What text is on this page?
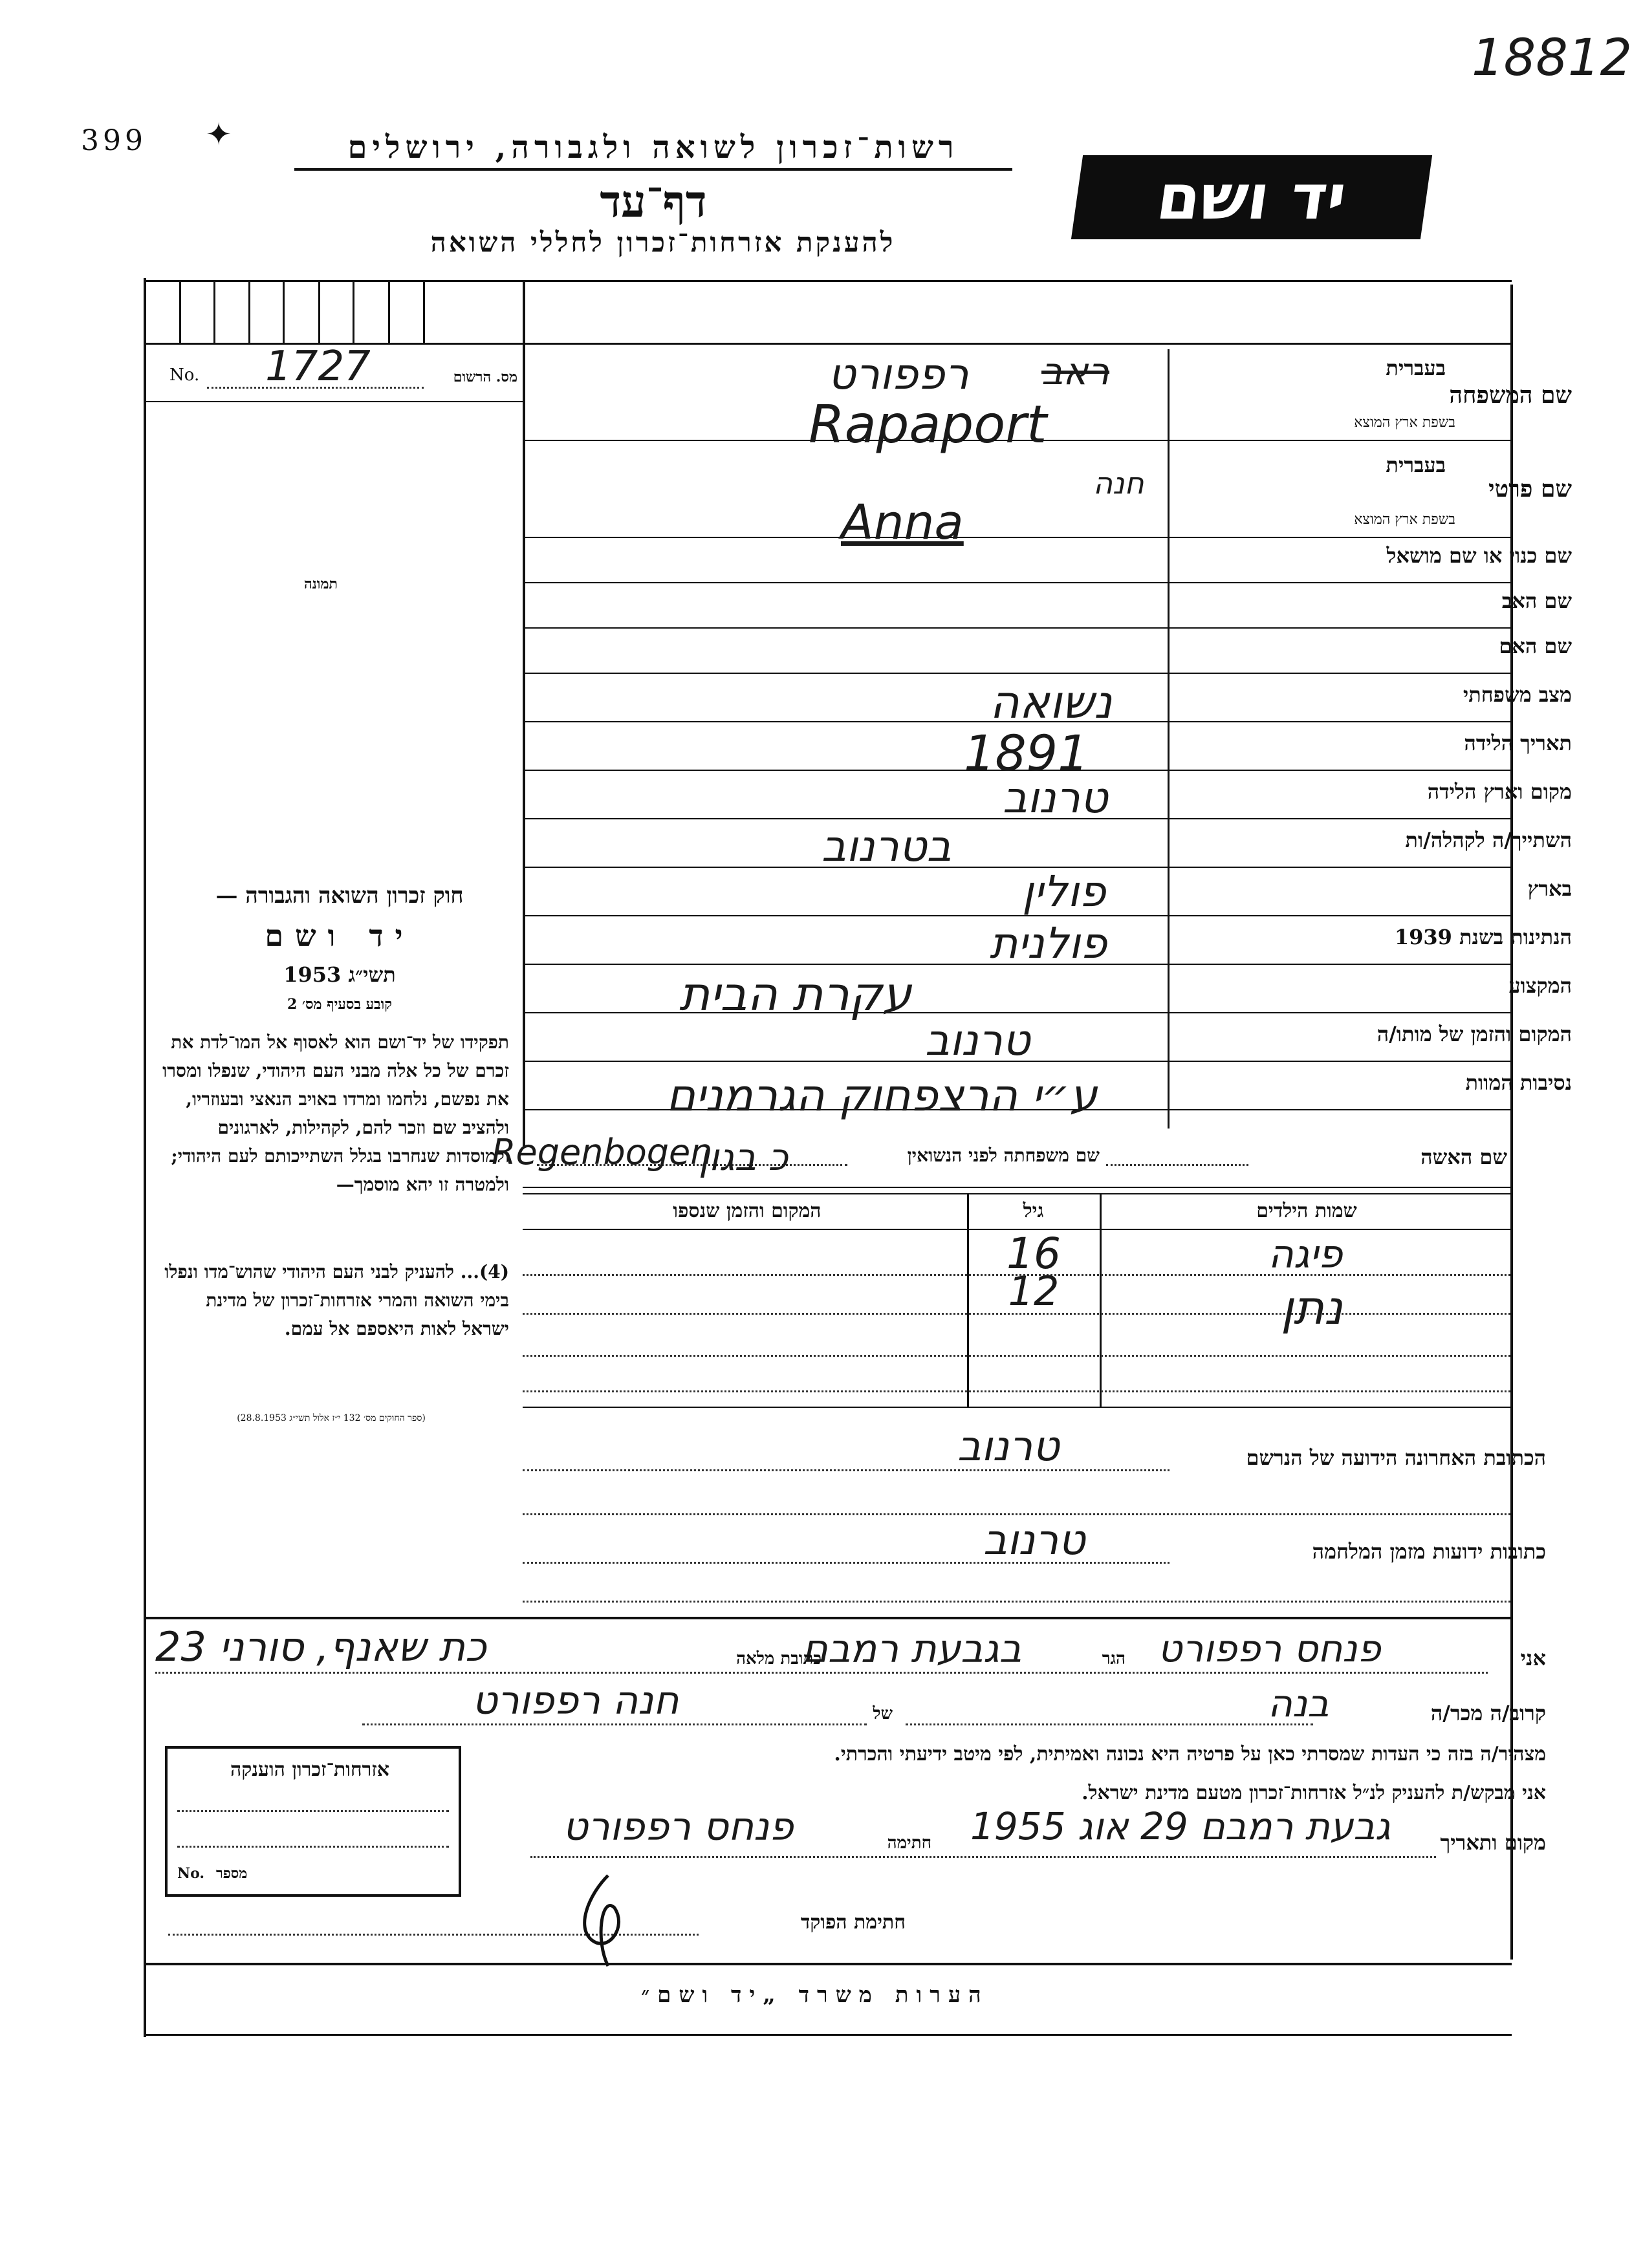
18812
399 ✦	רשות־זכרון לשואה ולגבורה, ירושלים
דף־עד
להענקת אזרחות־זכרון לחללי השואה
יד ושם
No. 1727	מס. הרשום
תמונה
בעברית
שם המשפחה
בשפת ארץ המוצא
בעברית
שם פרטי
בשפת ארץ המוצא
שם כנוי או שם מושאל
שם האב
שם האם
מצב משפחתי
תאריך הלידה
מקום וארץ הלידה
השתייך/ה לקהלה/ות
בארץ
הנתינות בשנת 1939
המקצוע
המקום והזמן של מותו/ה
נסיבות המוות
רפפורט ראב
Rapaport
חנה
Anna
נשואה
1891
טרנוב
בטרנוב
פולין
פולנית
עקרת הבית
טרנוב
ע״י הרצפחוק הגרמנים
חוק זכרון השואה והגבורה —
יד ושם
תשי״ג 1953
קובע בסעיף מס׳ 2
תפקידו של יד־ושם הוא לאסוף אל המו־לדת את זכרם של כל אלה מבני העם היהודי, שנפלו ומסרו את נפשם, נלחמו ומרדו באויב הנאצי ובעוזריו, ולהציב שם וזכר להם, לקהילות, לארגונים ולמוסדות שנחרבו בגלל השתייכותם לעם היהודי; ולמטרה זו יהא מוסמך—
(4)... להעניק לבני העם היהודי שהוש־מדו ונפלו בימי השואה והמרי אזרחות־זכרון של מדינת ישראל לאות היאספם אל עמם.
(ספר החוקים מס׳ 132 י״ז אלול תשי״ג 28.8.1953)
שם האשה
שם משפחתה לפני הנשואין
Regenbogen
כ בגון
שמות הילדים
גיל
המקום והזמן שנספו
פיגה
16
נתן
12
הכתובת האחרונה הידועה של הנרשם
טרנוב
כתובות ידועות מזמן המלחמה
טרנוב
אני
פנחס רפפורט
הגר
בגבעת רמבם
כתובת מלאה
כת שאנף, סורני 23
קרוב/ה מכר/ה
בנה
של
חנה רפפורט
מצהיר/ה בזה כי העדות שמסרתי כאן על פרטיה היא נכונה ואמיתית, לפי מיטב ידיעתי והכרתי.
אני מבקש/ת להעניק לנ״ל אזרחות־זכרון מטעם מדינת ישראל.
מקום ותאריך
גבעת רמבם 29 אוג 1955
חתימה
פנחס רפפורט
חתימת הפוקד
אזרחות־זכרון הוענקה
No. מספר
הערות משרד „יד ושם״
